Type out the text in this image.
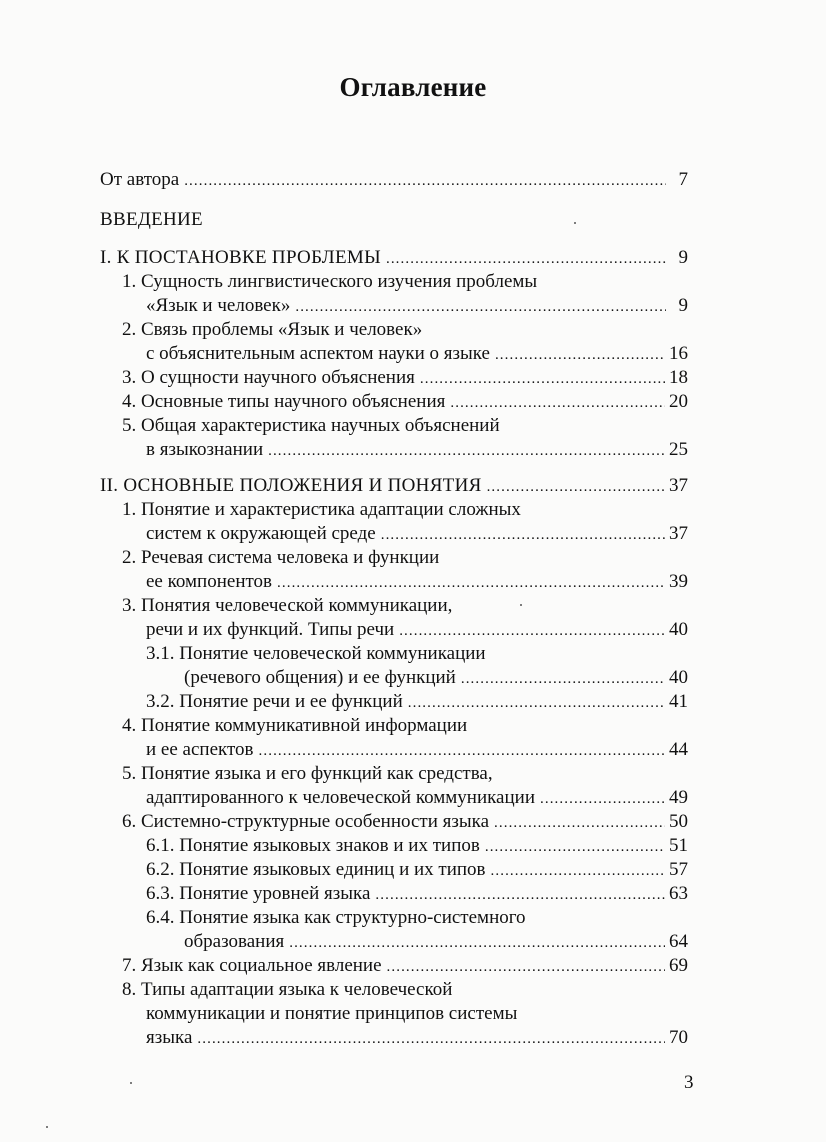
Оглавление
От автора .....	7
ВВЕДЕНИЕ
I. К ПОСТАНОВКЕ ПРОБЛЕМЫ .....	9
1. Сущность лингвистического изучения проблемы
«Язык и человек» .....	9
2. Связь проблемы «Язык и человек»
с объяснительным аспектом науки о языке .....	16
3. О сущности научного объяснения .....	18
4. Основные типы научного объяснения .....	20
5. Общая характеристика научных объяснений
в языкознании .....	25
II. ОСНОВНЫЕ ПОЛОЖЕНИЯ И ПОНЯТИЯ .....	37
1. Понятие и характеристика адаптации сложных
систем к окружающей среде .....	37
2. Речевая система человека и функции
ее компонентов .....	39
3. Понятия человеческой коммуникации,
речи и их функций. Типы речи .....	40
3.1. Понятие человеческой коммуникации
(речевого общения) и ее функций .....	40
3.2. Понятие речи и ее функций .....	41
4. Понятие коммуникативной информации
и ее аспектов .....	44
5. Понятие языка и его функций как средства,
адаптированного к человеческой коммуникации .....	49
6. Системно-структурные особенности языка .....	50
6.1. Понятие языковых знаков и их типов .....	51
6.2. Понятие языковых единиц и их типов .....	57
6.3. Понятие уровней языка .....	63
6.4. Понятие языка как структурно-системного
образования .....	64
7. Язык как социальное явление .....	69
8. Типы адаптации языка к человеческой
коммуникации и понятие принципов системы
языка .....	70
3
